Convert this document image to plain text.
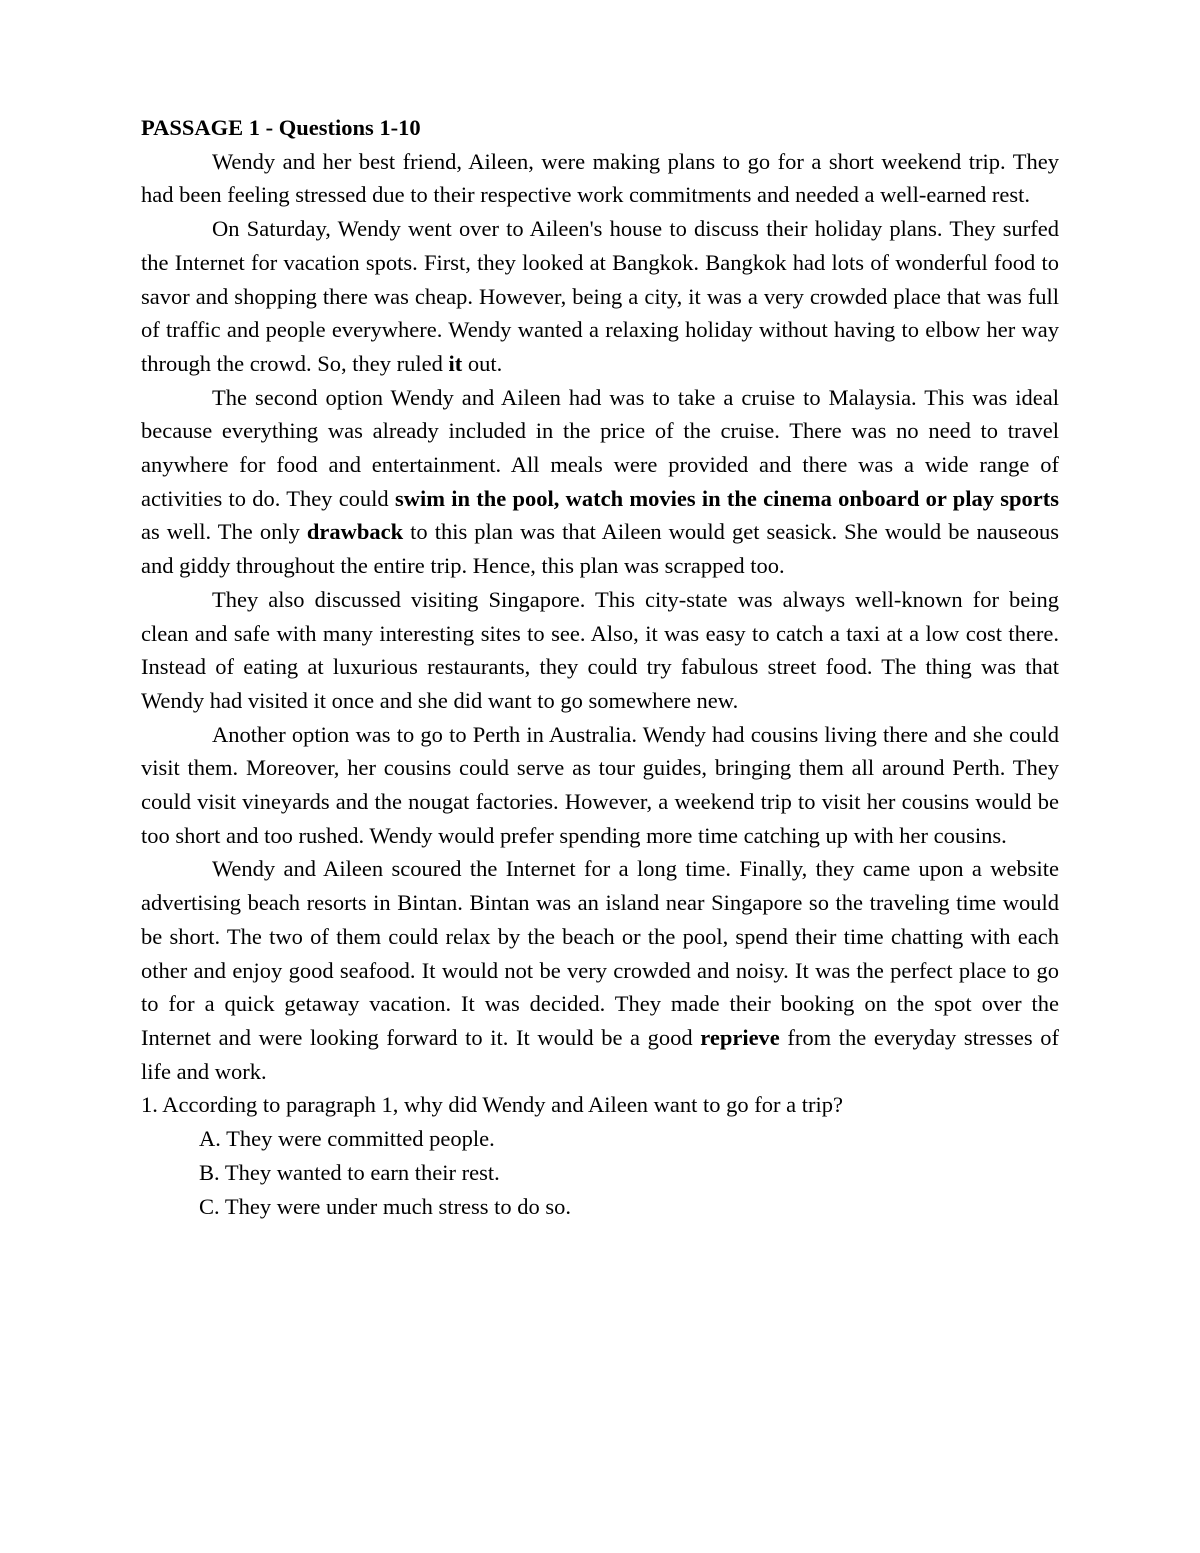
PASSAGE 1 - Questions 1-10

Wendy and her best friend, Aileen, were making plans to go for a short weekend trip. They had been feeling stressed due to their respective work commitments and needed a well-earned rest.

On Saturday, Wendy went over to Aileen's house to discuss their holiday plans. They surfed the Internet for vacation spots. First, they looked at Bangkok. Bangkok had lots of wonderful food to savor and shopping there was cheap. However, being a city, it was a very crowded place that was full of traffic and people everywhere. Wendy wanted a relaxing holiday without having to elbow her way through the crowd. So, they ruled it out.

The second option Wendy and Aileen had was to take a cruise to Malaysia. This was ideal because everything was already included in the price of the cruise. There was no need to travel anywhere for food and entertainment. All meals were provided and there was a wide range of activities to do. They could swim in the pool, watch movies in the cinema onboard or play sports as well. The only drawback to this plan was that Aileen would get seasick. She would be nauseous and giddy throughout the entire trip. Hence, this plan was scrapped too.

They also discussed visiting Singapore. This city-state was always well-known for being clean and safe with many interesting sites to see. Also, it was easy to catch a taxi at a low cost there. Instead of eating at luxurious restaurants, they could try fabulous street food. The thing was that Wendy had visited it once and she did want to go somewhere new.

Another option was to go to Perth in Australia. Wendy had cousins living there and she could visit them. Moreover, her cousins could serve as tour guides, bringing them all around Perth. They could visit vineyards and the nougat factories. However, a weekend trip to visit her cousins would be too short and too rushed. Wendy would prefer spending more time catching up with her cousins.

Wendy and Aileen scoured the Internet for a long time. Finally, they came upon a website advertising beach resorts in Bintan. Bintan was an island near Singapore so the traveling time would be short. The two of them could relax by the beach or the pool, spend their time chatting with each other and enjoy good seafood. It would not be very crowded and noisy. It was the perfect place to go to for a quick getaway vacation. It was decided. They made their booking on the spot over the Internet and were looking forward to it. It would be a good reprieve from the everyday stresses of life and work.

1. According to paragraph 1, why did Wendy and Aileen want to go for a trip?
A. They were committed people.
B. They wanted to earn their rest.
C. They were under much stress to do so.
